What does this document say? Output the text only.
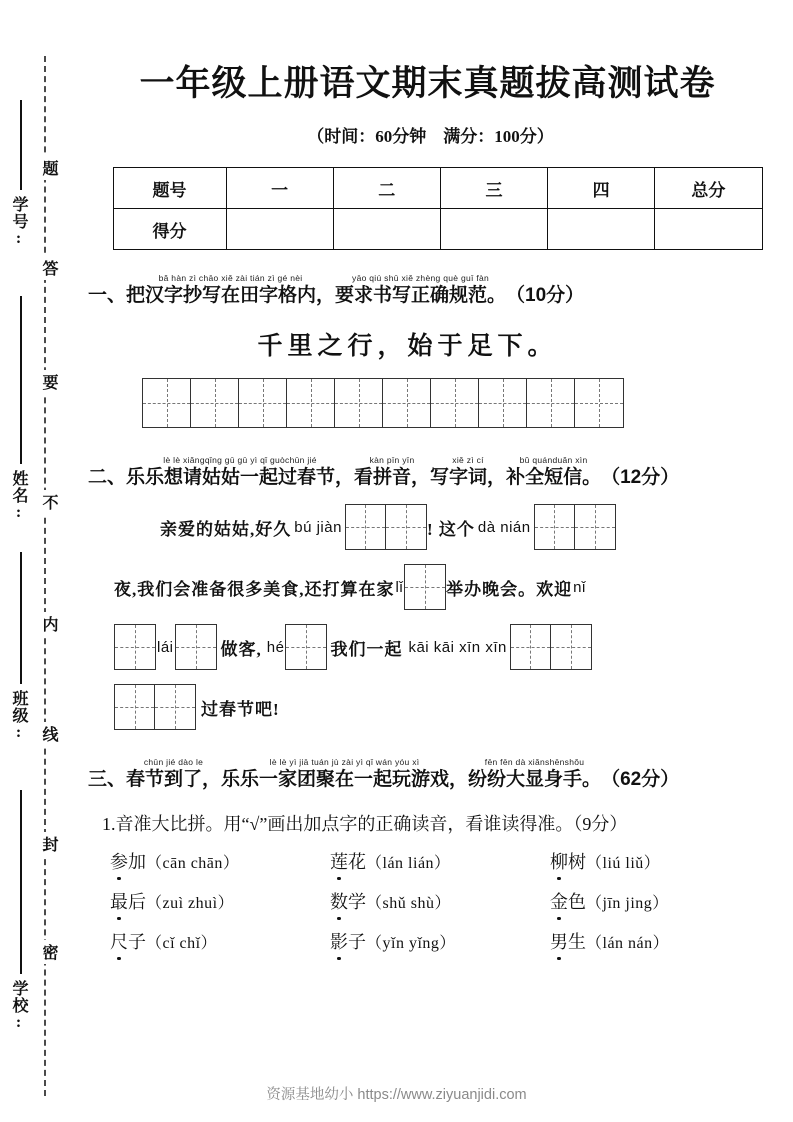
题
答
要
不
内
线
封
密
学号:
姓名:
班级:
学校:
一年级上册语文期末真题拔高测试卷
（时间：60分钟　满分：100分）
题号	一	二	三	四	总分
得分					
一、
bǎ hàn zì chāo xiě zài tián zì gé nèi
把汉字抄写在田字格内，
yāo qiú shū xiě zhèng què guī fàn
要求书写正确规范。 （10分）
千里之行，始于足下。
二、
lè lè xiǎngqǐng gū gū yì qǐ guòchūn jié
乐乐想请姑姑一起过春节，
kàn pīn yīn
看拼音，
xiě zì cí
写字词，
bǔ quánduǎn xìn
补全短信。 （12分）
亲爱的姑姑,好久 bú jiàn	! 这个 dà nián
夜,我们会准备很多美食,还打算在家 lǐ	举办晚会。欢迎 nǐ
lái	做客, hé	我们一起 kāi kāi xīn xīn
过春节吧!
三、
chūn jié dào le
春节到了，
lè lè yì jiā tuán jù zài yì qǐ wán yóu xì
乐乐一家团聚在一起玩游戏，
fēn fēn dà xiǎnshēnshǒu
纷纷大显身手。 （62分）
1.音准大比拼。用“√”画出加点字的正确读音，看谁读得准。（9分）
参加（cān chān）	莲花（lán lián）	柳树（liú liǔ）
最后（zuì zhuì）	数学（shǔ shù）	金色（jīn jing）
尺子（cǐ chǐ）	影子（yǐn yǐng）	男生（lán nán）
资源基地幼小 https://www.ziyuanjidi.com
